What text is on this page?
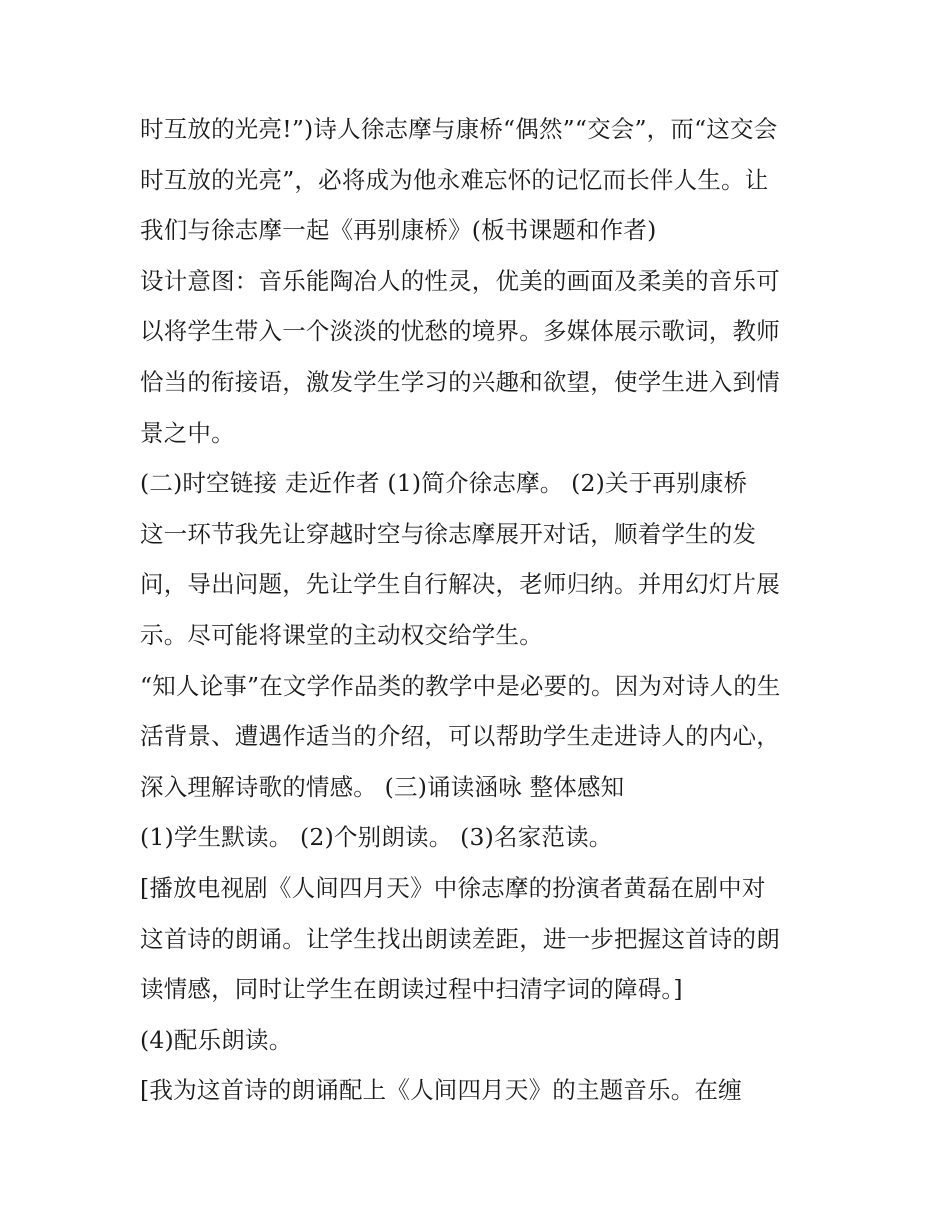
时互放的光亮!”)诗人徐志摩与康桥“偶然”“交会”，而“这交会
时互放的光亮”，必将成为他永难忘怀的记忆而长伴人生。让
我们与徐志摩一起《再别康桥》(板书课题和作者)
设计意图：音乐能陶冶人的性灵，优美的画面及柔美的音乐可
以将学生带入一个淡淡的忧愁的境界。多媒体展示歌词，教师
恰当的衔接语，激发学生学习的兴趣和欲望，使学生进入到情
景之中。
(二)时空链接 走近作者 (1)简介徐志摩。 (2)关于再别康桥
这一环节我先让穿越时空与徐志摩展开对话，顺着学生的发
问，导出问题，先让学生自行解决，老师归纳。并用幻灯片展
示。尽可能将课堂的主动权交给学生。
“知人论事”在文学作品类的教学中是必要的。因为对诗人的生
活背景、遭遇作适当的介绍，可以帮助学生走进诗人的内心，
深入理解诗歌的情感。 (三)诵读涵咏 整体感知
(1)学生默读。 (2)个别朗读。 (3)名家范读。
[播放电视剧《人间四月天》中徐志摩的扮演者黄磊在剧中对
这首诗的朗诵。让学生找出朗读差距，进一步把握这首诗的朗
读情感，同时让学生在朗读过程中扫清字词的障碍。]
(4)配乐朗读。
[我为这首诗的朗诵配上《人间四月天》的主题音乐。在缠
